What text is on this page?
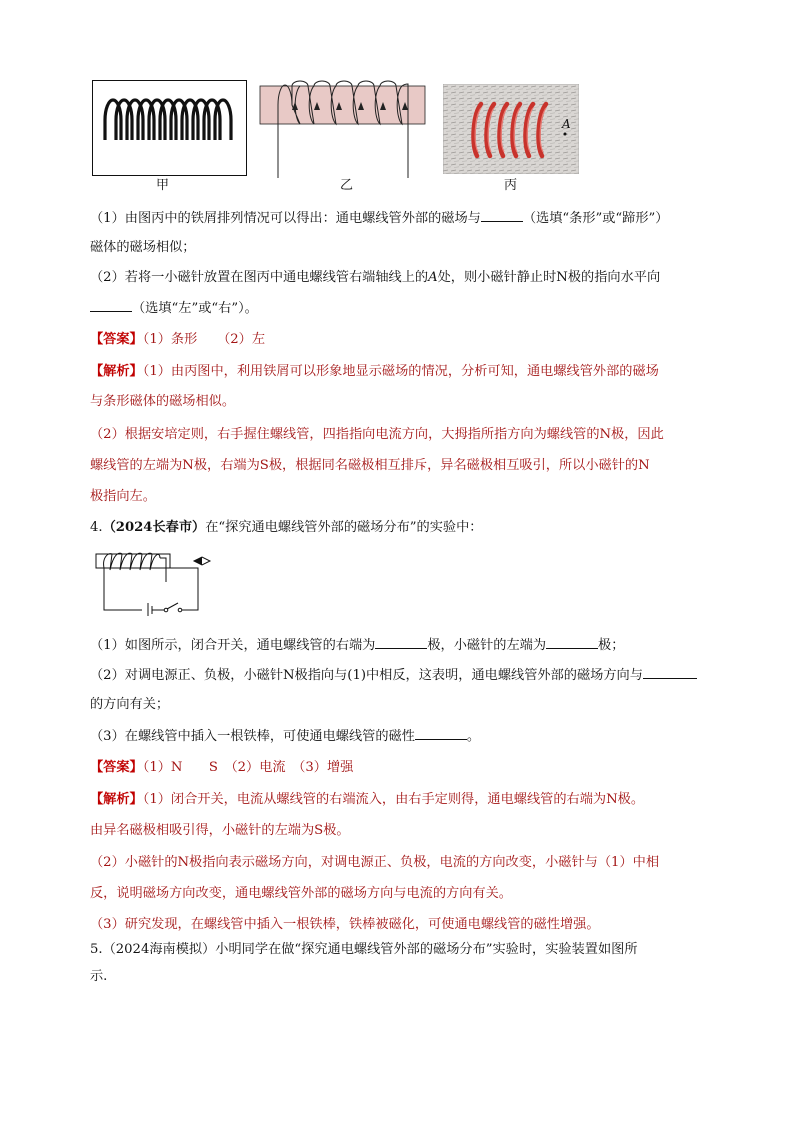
甲	乙
A
丙
（1）由图丙中的铁屑排列情况可以得出：通电螺线管外部的磁场与	（选填“条形”或“蹄形”）
磁体的磁场相似；
（2）若将一小磁针放置在图丙中通电螺线管右端轴线上的A处，则小磁针静止时N极的指向水平向
（选填“左”或“右”）。
【答案】（1）条形　　（2）左
【解析】（1）由丙图中，利用铁屑可以形象地显示磁场的情况，分析可知，通电螺线管外部的磁场
与条形磁体的磁场相似。
（2）根据安培定则，右手握住螺线管，四指指向电流方向，大拇指所指方向为螺线管的N极，因此
螺线管的左端为N极，右端为S极，根据同名磁极相互排斥，异名磁极相互吸引，所以小磁针的N
极指向左。
4.（2024长春市）在“探究通电螺线管外部的磁场分布”的实验中：
（1）如图所示，闭合开关，通电螺线管的右端为	极，小磁针的左端为	极；
（2）对调电源正、负极，小磁针N极指向与(1)中相反，这表明，通电螺线管外部的磁场方向与
的方向有关；
（3）在螺线管中插入一根铁棒，可使通电螺线管的磁性	。
【答案】（1）N　　S　（2）电流　（3）增强
【解析】（1）闭合开关，电流从螺线管的右端流入，由右手定则得，通电螺线管的右端为N极。
由异名磁极相吸引得，小磁针的左端为S极。
（2）小磁针的N极指向表示磁场方向，对调电源正、负极，电流的方向改变，小磁针与（1）中相
反，说明磁场方向改变，通电螺线管外部的磁场方向与电流的方向有关。
（3）研究发现，在螺线管中插入一根铁棒，铁棒被磁化，可使通电螺线管的磁性增强。
5.（2024海南模拟）小明同学在做“探究通电螺线管外部的磁场分布”实验时，实验装置如图所
示.
